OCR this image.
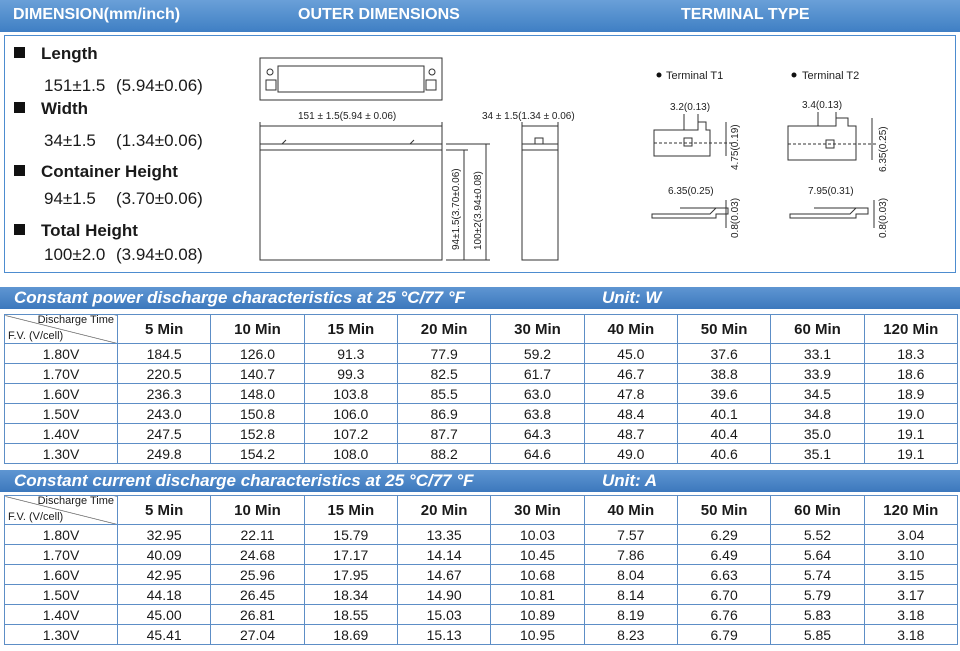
DIMENSION(mm/inch)	OUTER DIMENSIONS	TERMINAL TYPE
Length
151±1.5 (5.94±0.06)
Width
34±1.5 (1.34±0.06)
Container Height
94±1.5 (3.70±0.06)
Total Height
100±2.0 (3.94±0.08)
151 ± 1.5(5.94 ± 0.06)	34 ± 1.5(1.34 ± 0.06)
94±1.5(3.70±0.06) 100±2(3.94±0.08)
Terminal T1	Terminal T2
3.2(0.13)
4.75(0.19)
6.35(0.25)
0.8(0.03)
3.4(0.13)
6.35(0.25)
7.95(0.31)
0.8(0.03)
Constant power discharge characteristics at 25 °C/77 °F	Unit: W
Discharge Time
F.V. (V/cell)	5 Min	10 Min	15 Min	20 Min	30 Min	40 Min	50 Min	60 Min	120 Min
1.80V	184.5	126.0	91.3	77.9	59.2	45.0	37.6	33.1	18.3
1.70V	220.5	140.7	99.3	82.5	61.7	46.7	38.8	33.9	18.6
1.60V	236.3	148.0	103.8	85.5	63.0	47.8	39.6	34.5	18.9
1.50V	243.0	150.8	106.0	86.9	63.8	48.4	40.1	34.8	19.0
1.40V	247.5	152.8	107.2	87.7	64.3	48.7	40.4	35.0	19.1
1.30V	249.8	154.2	108.0	88.2	64.6	49.0	40.6	35.1	19.1
Constant current discharge characteristics at 25 °C/77 °F	Unit: A
Discharge Time
F.V. (V/cell)	5 Min	10 Min	15 Min	20 Min	30 Min	40 Min	50 Min	60 Min	120 Min
1.80V	32.95	22.11	15.79	13.35	10.03	7.57	6.29	5.52	3.04
1.70V	40.09	24.68	17.17	14.14	10.45	7.86	6.49	5.64	3.10
1.60V	42.95	25.96	17.95	14.67	10.68	8.04	6.63	5.74	3.15
1.50V	44.18	26.45	18.34	14.90	10.81	8.14	6.70	5.79	3.17
1.40V	45.00	26.81	18.55	15.03	10.89	8.19	6.76	5.83	3.18
1.30V	45.41	27.04	18.69	15.13	10.95	8.23	6.79	5.85	3.18
